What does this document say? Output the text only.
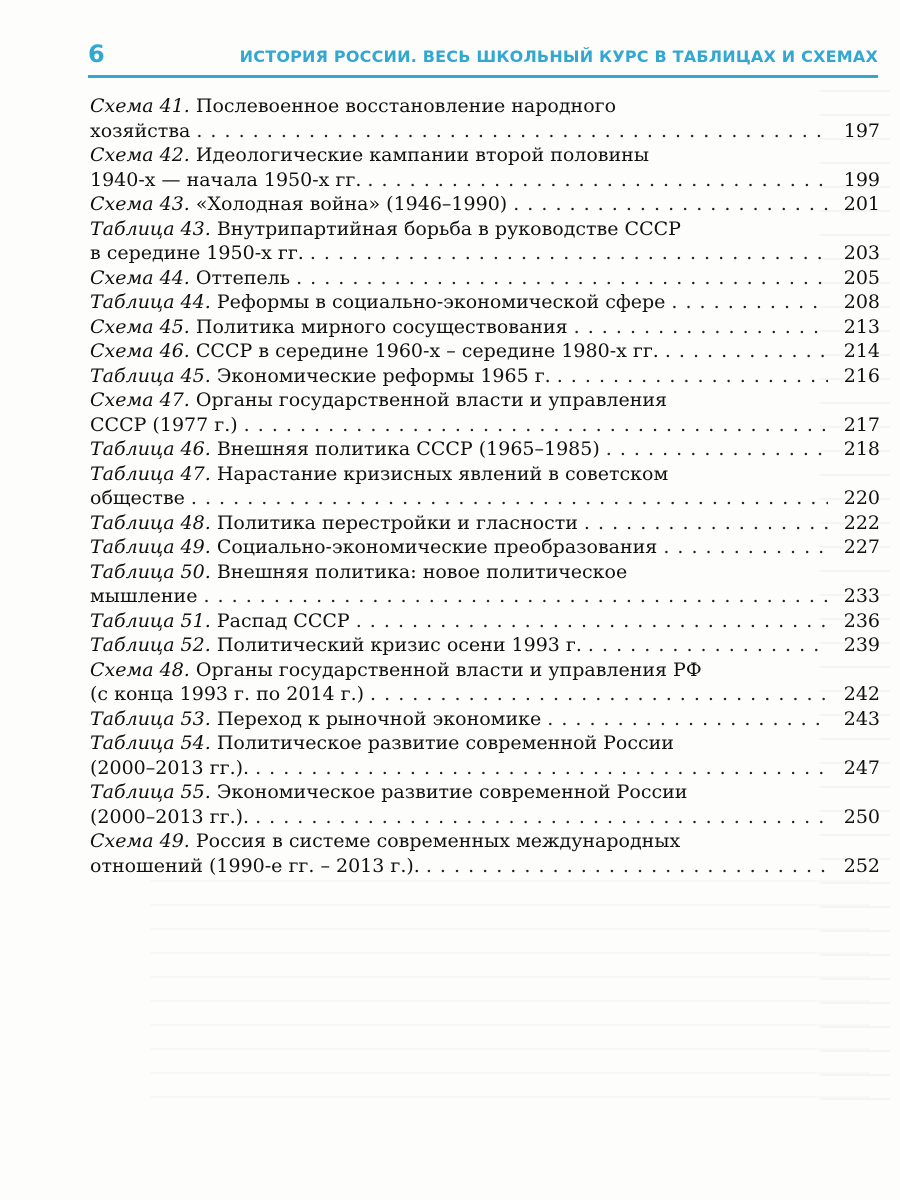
6	ИСТОРИЯ РОССИИ. ВЕСЬ ШКОЛЬНЫЙ КУРС В ТАБЛИЦАХ И СХЕМАХ
Схема 41. Послевоенное восстановление народного
хозяйства . . .	197
Схема 42. Идеологические кампании второй половины
1940-х — начала 1950-х гг. . . .	199
Схема 43.
«Холодная война» (1946–1990) . . .	201
Таблица 43. Внутрипартийная борьба в руководстве СССР
в середине 1950-х гг. . . .	203
Схема 44.
Оттепель . . .	205
Таблица 44.
Реформы в социально-экономической сфере . . .	208
Схема 45.
Политика мирного сосуществования . . .	213
Схема 46.
СССР в середине 1960-х – середине 1980-х гг. . . .	214
Таблица 45.
Экономические реформы 1965 г. . . .	216
Схема 47. Органы государственной власти и управления
СССР (1977 г.) . . .	217
Таблица 46.
Внешняя политика СССР (1965–1985) . . .	218
Таблица 47. Нарастание кризисных явлений в советском
обществе . . .	220
Таблица 48.
Политика перестройки и гласности . . .	222
Таблица 49.
Социально-экономические преобразования . . .	227
Таблица 50. Внешняя политика: новое политическое
мышление . . .	233
Таблица 51.
Распад СССР . . .	236
Таблица 52.
Политический кризис осени 1993 г. . . .	239
Схема 48. Органы государственной власти и управления РФ
(с конца 1993 г. по 2014 г.) . . .	242
Таблица 53.
Переход к рыночной экономике . . .	243
Таблица 54. Политическое развитие современной России
(2000–2013 гг.). . . .	247
Таблица 55. Экономическое развитие современной России
(2000–2013 гг.). . . .	250
Схема 49. Россия в системе современных международных
отношений (1990-е гг. – 2013 г.). . . .	252
